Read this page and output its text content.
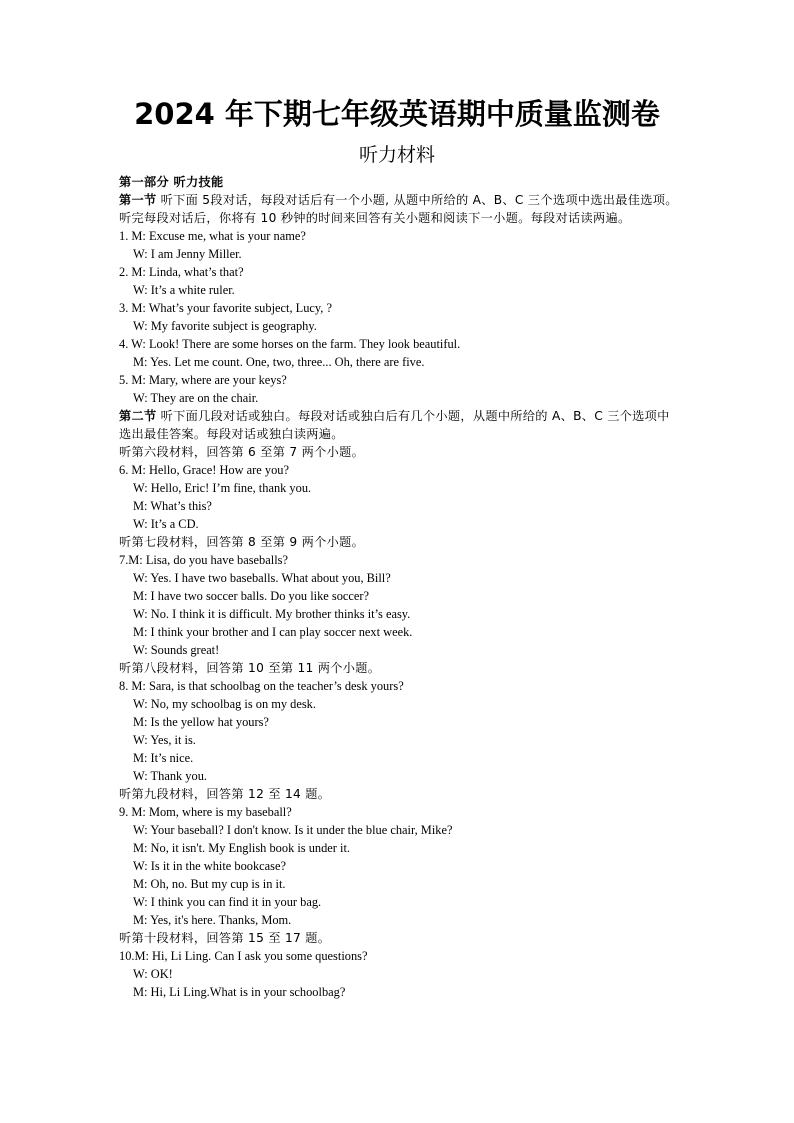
2024 年下期七年级英语期中质量监测卷
听力材料
第一部分 听力技能
第一节 听下面 5段对话，每段对话后有一个小题, 从题中所给的 A、B、C 三个选项中选出最佳选项。听完每段对话后，你将有 10 秒钟的时间来回答有关小题和阅读下一小题。每段对话读两遍。
1. M: Excuse me, what is your name?
W: I am Jenny Miller.
2. M: Linda, what’s that?
W: It’s a white ruler.
3. M: What’s your favorite subject, Lucy, ?
W: My favorite subject is geography.
4. W: Look! There are some horses on the farm. They look beautiful.
M: Yes. Let me count. One, two, three... Oh, there are five.
5. M: Mary, where are your keys?
W: They are on the chair.
第二节 听下面几段对话或独白。每段对话或独白后有几个小题，从题中所给的 A、B、C 三个选项中选出最佳答案。每段对话或独白读两遍。
听第六段材料，回答第 6 至第 7 两个小题。
6. M: Hello, Grace! How are you?
W: Hello, Eric! I’m fine, thank you.
M: What’s this?
W: It’s a CD.
听第七段材料，回答第 8 至第 9 两个小题。
7.M: Lisa, do you have baseballs?
W: Yes. I have two baseballs. What about you, Bill?
M: I have two soccer balls. Do you like soccer?
W: No. I think it is difficult. My brother thinks it’s easy.
M: I think your brother and I can play soccer next week.
W: Sounds great!
听第八段材料，回答第 10 至第 11 两个小题。
8. M: Sara, is that schoolbag on the teacher’s desk yours?
W: No, my schoolbag is on my desk.
M: Is the yellow hat yours?
W: Yes, it is.
M: It’s nice.
W: Thank you.
听第九段材料，回答第 12 至 14 题。
9. M: Mom, where is my baseball?
W: Your baseball? I don't know. Is it under the blue chair, Mike?
M: No, it isn't. My English book is under it.
W: Is it in the white bookcase?
M: Oh, no. But my cup is in it.
W: I think you can find it in your bag.
M: Yes, it's here. Thanks, Mom.
听第十段材料，回答第 15 至 17 题。
10.M: Hi, Li Ling. Can I ask you some questions?
W: OK!
M: Hi, Li Ling.What is in your schoolbag?
